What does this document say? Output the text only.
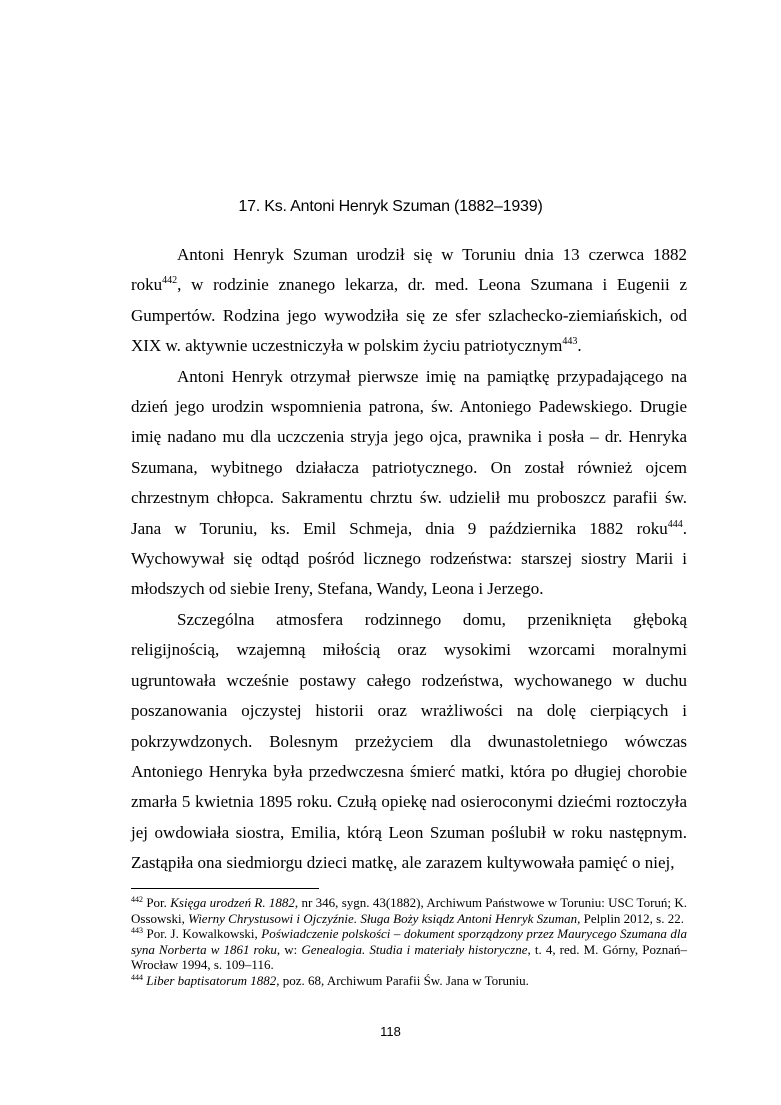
17. Ks. Antoni Henryk Szuman (1882–1939)

Antoni Henryk Szuman urodził się w Toruniu dnia 13 czerwca 1882 roku$^{442}$, w rodzinie znanego lekarza, dr. med. Leona Szumana i Eugenii z Gumpertów. Rodzina jego wywodziła się ze sfer szlachecko-ziemiańskich, od XIX w. aktywnie uczestniczyła w polskim życiu patriotycznym$^{443}$.

Antoni Henryk otrzymał pierwsze imię na pamiątkę przypadającego na dzień jego urodzin wspomnienia patrona, św. Antoniego Padewskiego. Drugie imię nadano mu dla uczczenia stryja jego ojca, prawnika i posła – dr. Henryka Szumana, wybitnego działacza patriotycznego. On został również ojcem chrzestnym chłopca. Sakramentu chrztu św. udzielił mu proboszcz parafii św. Jana w Toruniu, ks. Emil Schmeja, dnia 9 października 1882 roku$^{444}$. Wychowywał się odtąd pośród licznego rodzeństwa: starszej siostry Marii i młodszych od siebie Ireny, Stefana, Wandy, Leona i Jerzego.

Szczególna atmosfera rodzinnego domu, przeniknięta głęboką religijnością, wzajemną miłością oraz wysokimi wzorcami moralnymi ugruntowała wcześnie postawy całego rodzeństwa, wychowanego w duchu poszanowania ojczystej historii oraz wrażliwości na dolę cierpiących i pokrzywdzonych. Bolesnym przeżyciem dla dwunastoletniego wówczas Antoniego Henryka była przedwczesna śmierć matki, która po długiej chorobie zmarła 5 kwietnia 1895 roku. Czułą opiekę nad osieroconymi dziećmi roztoczyła jej owdowiała siostra, Emilia, którą Leon Szuman poślubił w roku następnym. Zastąpiła ona siedmiorgu dzieci matkę, ale zarazem kultywowała pamięć o niej,

$^{442}$ Por. Księga urodzeń R. 1882, nr 346, sygn. 43(1882), Archiwum Państwowe w Toruniu: USC Toruń; K. Ossowski, Wierny Chrystusowi i Ojczyźnie. Sługa Boży ksiądz Antoni Henryk Szuman, Pelplin 2012, s. 22.

$^{443}$ Por. J. Kowalkowski, Poświadczenie polskości – dokument sporządzony przez Maurycego Szumana dla syna Norberta w 1861 roku, w: Genealogia. Studia i materiały historyczne, t. 4, red. M. Górny, Poznań–Wrocław 1994, s. 109–116.

$^{444}$ Liber baptisatorum 1882, poz. 68, Archiwum Parafii Św. Jana w Toruniu.

118
